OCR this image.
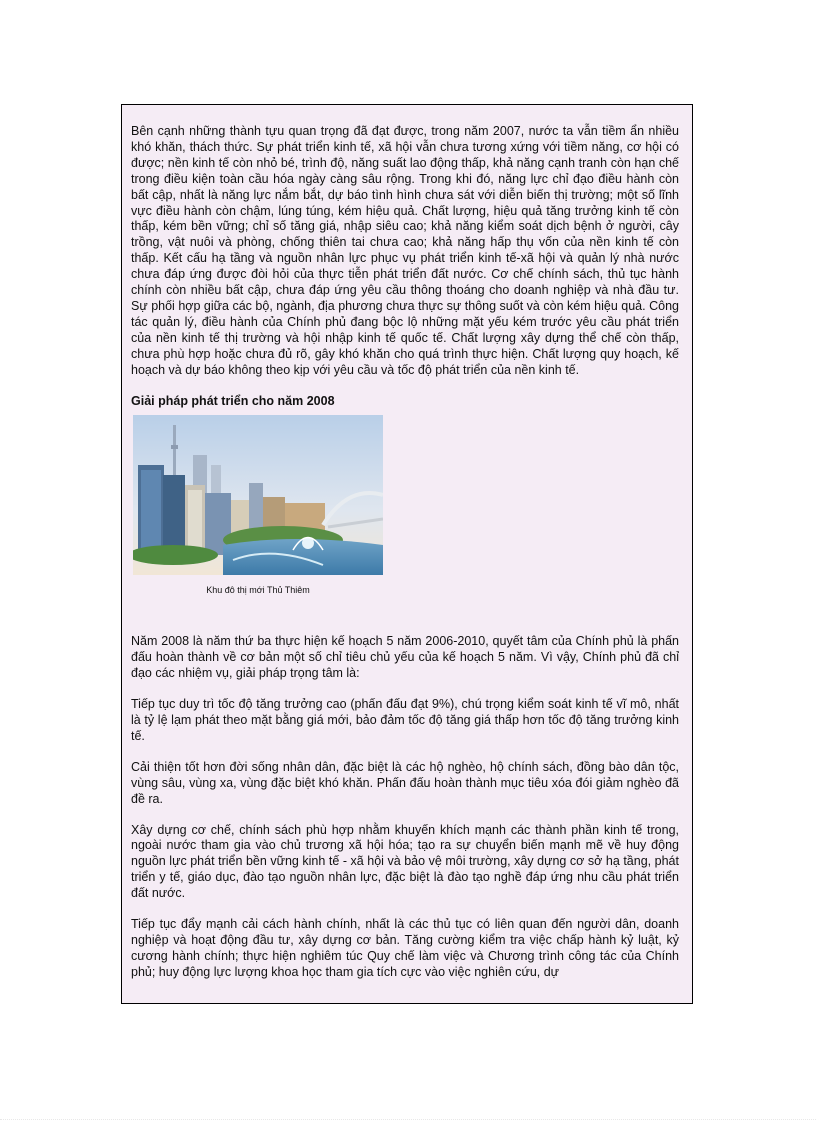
Bên cạnh những thành tựu quan trọng đã đạt được, trong năm 2007, nước ta vẫn tiềm ẩn nhiều khó khăn, thách thức. Sự phát triển kinh tế, xã hội vẫn chưa tương xứng với tiềm năng, cơ hội có được; nền kinh tế còn nhỏ bé, trình độ, năng suất lao động thấp, khả năng cạnh tranh còn hạn chế trong điều kiện toàn cầu hóa ngày càng sâu rộng. Trong khi đó, năng lực chỉ đạo điều hành còn bất cập, nhất là năng lực nắm bắt, dự báo tình hình chưa sát với diễn biến thị trường; một số lĩnh vực điều hành còn chậm, lúng túng, kém hiệu quả. Chất lượng, hiệu quả tăng trưởng kinh tế còn thấp, kém bền vững; chỉ số tăng giá, nhập siêu cao; khả năng kiểm soát dịch bệnh ở người, cây trồng, vật nuôi và phòng, chống thiên tai chưa cao; khả năng hấp thụ vốn của nền kinh tế còn thấp. Kết cấu hạ tầng và nguồn nhân lực phục vụ phát triển kinh tế-xã hội và quản lý nhà nước chưa đáp ứng được đòi hỏi của thực tiễn phát triển đất nước. Cơ chế chính sách, thủ tục hành chính còn nhiều bất cập, chưa đáp ứng yêu cầu thông thoáng cho doanh nghiệp và nhà đầu tư. Sự phối hợp giữa các bộ, ngành, địa phương chưa thực sự thông suốt và còn kém hiệu quả. Công tác quản lý, điều hành của Chính phủ đang bộc lộ những mặt yếu kém trước yêu cầu phát triển của nền kinh tế thị trường và hội nhập kinh tế quốc tế. Chất lượng xây dựng thể chế còn thấp, chưa phù hợp hoặc chưa đủ rõ, gây khó khăn cho quá trình thực hiện. Chất lượng quy hoạch, kế hoạch và dự báo không theo kịp với yêu cầu và tốc độ phát triển của nền kinh tế.

Giải pháp phát triển cho năm 2008
Khu đô thị mới Thủ Thiêm

Năm 2008 là năm thứ ba thực hiện kế hoạch 5 năm 2006-2010, quyết tâm của Chính phủ là phấn đấu hoàn thành về cơ bản một số chỉ tiêu chủ yếu của kế hoạch 5 năm. Vì vậy, Chính phủ đã chỉ đạo các nhiệm vụ, giải pháp trọng tâm là:

Tiếp tục duy trì tốc độ tăng trưởng cao (phấn đấu đạt 9%), chú trọng kiểm soát kinh tế vĩ mô, nhất là tỷ lệ lạm phát theo mặt bằng giá mới, bảo đảm tốc độ tăng giá thấp hơn tốc độ tăng trưởng kinh tế.

Cải thiện tốt hơn đời sống nhân dân, đặc biệt là các hộ nghèo, hộ chính sách, đồng bào dân tộc, vùng sâu, vùng xa, vùng đặc biệt khó khăn. Phấn đấu hoàn thành mục tiêu xóa đói giảm nghèo đã đề ra.

Xây dựng cơ chế, chính sách phù hợp nhằm khuyến khích mạnh các thành phần kinh tế trong, ngoài nước tham gia vào chủ trương xã hội hóa; tạo ra sự chuyển biến mạnh mẽ về huy động nguồn lực phát triển bền vững kinh tế - xã hội và bảo vệ môi trường, xây dựng cơ sở hạ tầng, phát triển y tế, giáo dục, đào tạo nguồn nhân lực, đặc biệt là đào tạo nghề đáp ứng nhu cầu phát triển đất nước.

Tiếp tục đẩy mạnh cải cách hành chính, nhất là các thủ tục có liên quan đến người dân, doanh nghiệp và hoạt động đầu tư, xây dựng cơ bản. Tăng cường kiểm tra việc chấp hành kỷ luật, kỷ cương hành chính; thực hiện nghiêm túc Quy chế làm việc và Chương trình công tác của Chính phủ; huy động lực lượng khoa học tham gia tích cực vào việc nghiên cứu, dự
